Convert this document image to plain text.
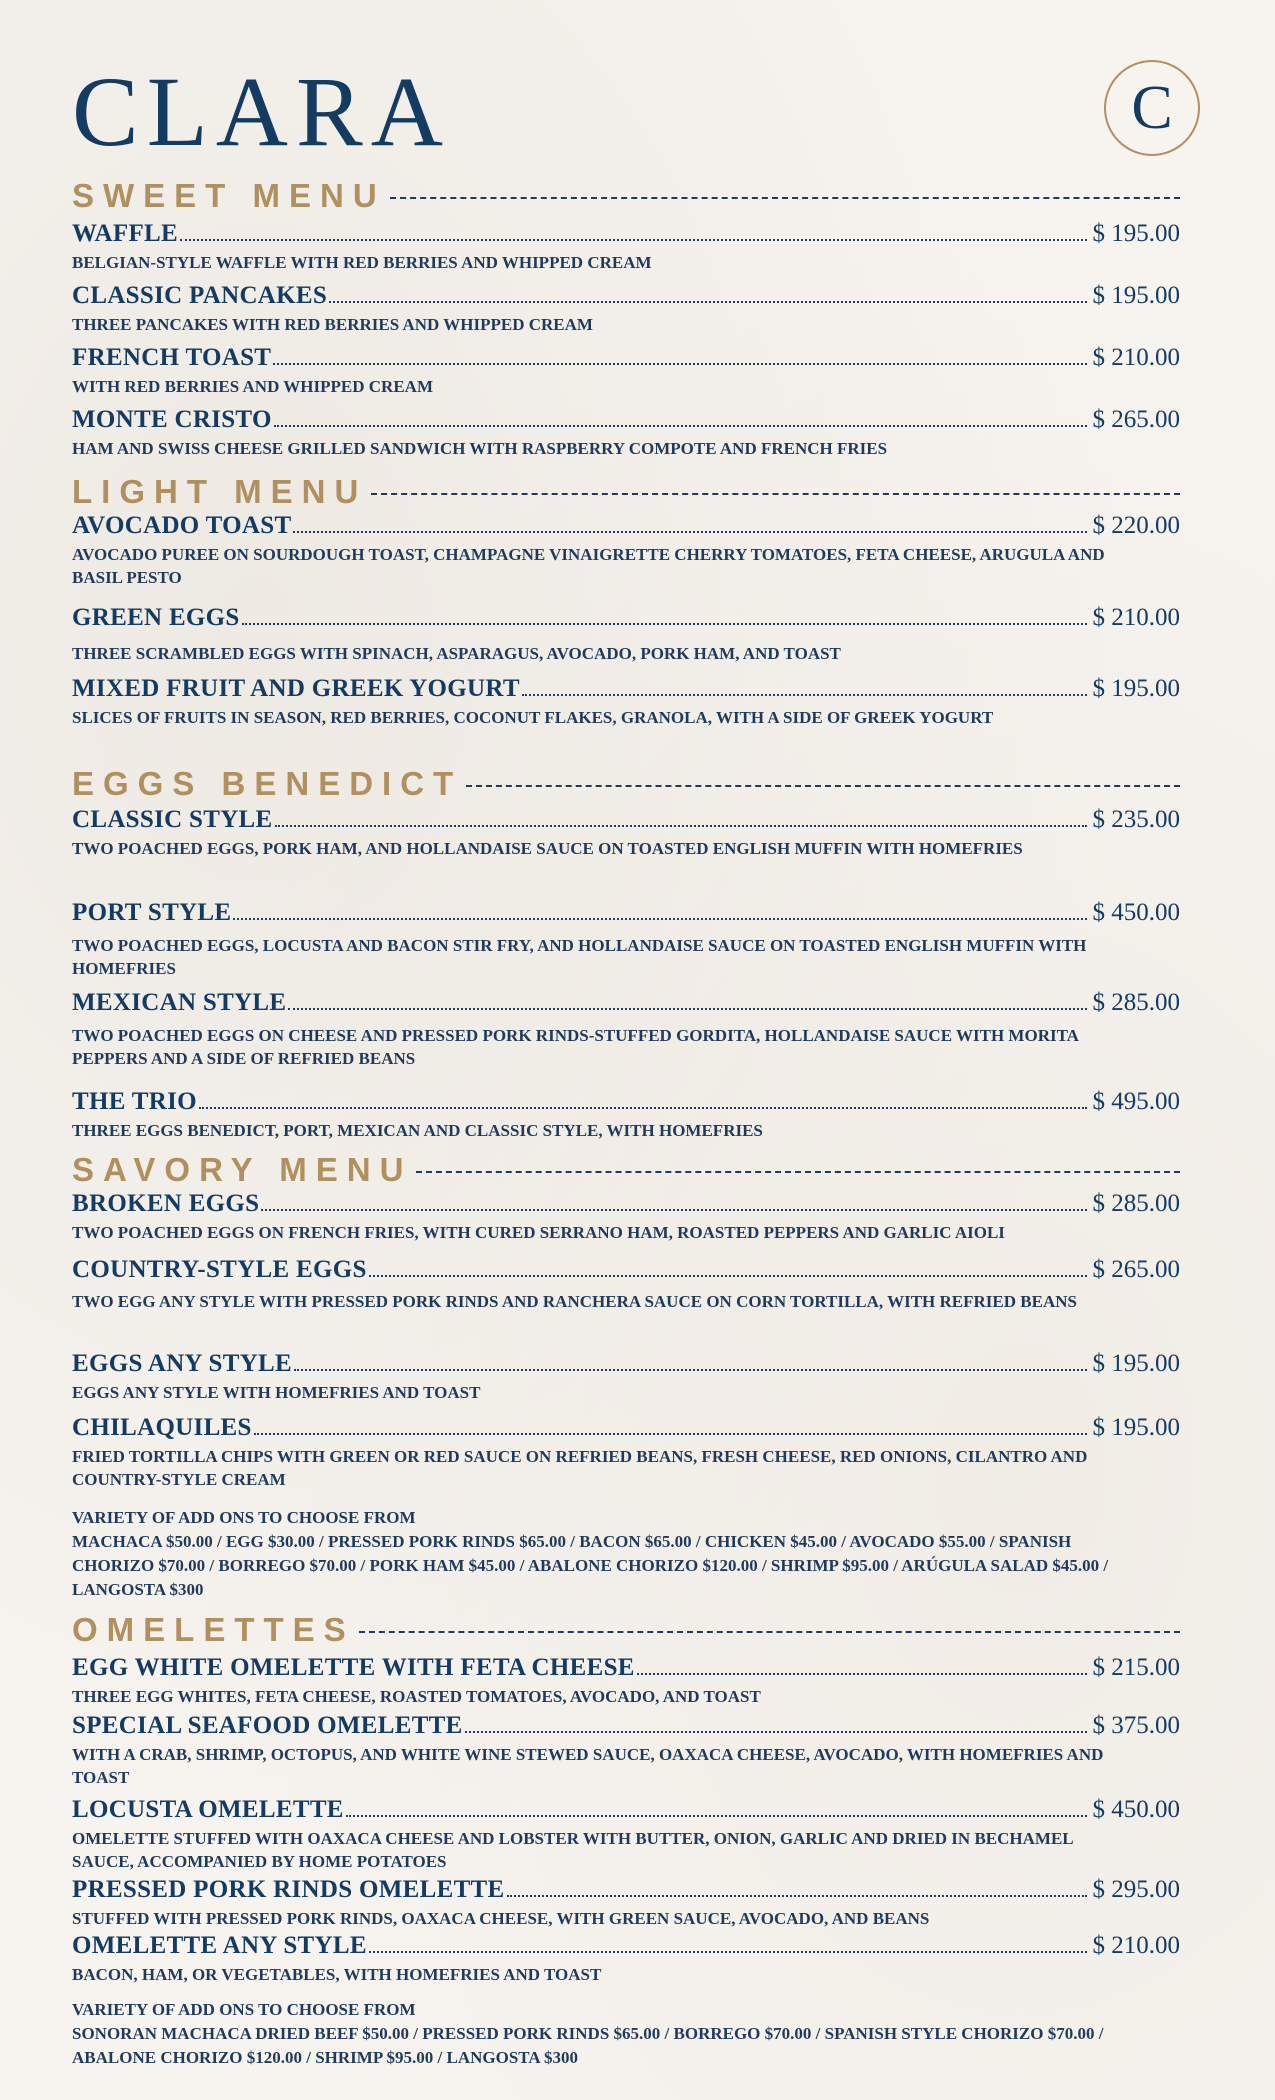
CLARA	C
SWEET MENU
WAFFLE	$ 195.00
BELGIAN-STYLE WAFFLE WITH RED BERRIES AND WHIPPED CREAM
CLASSIC PANCAKES	$ 195.00
THREE PANCAKES WITH RED BERRIES AND WHIPPED CREAM
FRENCH TOAST	$ 210.00
WITH RED BERRIES AND WHIPPED CREAM
MONTE CRISTO	$ 265.00
HAM AND SWISS CHEESE GRILLED SANDWICH WITH RASPBERRY COMPOTE AND FRENCH FRIES
LIGHT MENU
AVOCADO TOAST	$ 220.00
AVOCADO PUREE ON SOURDOUGH TOAST, CHAMPAGNE VINAIGRETTE CHERRY TOMATOES, FETA CHEESE, ARUGULA AND BASIL PESTO
GREEN EGGS	$ 210.00
THREE SCRAMBLED EGGS WITH SPINACH, ASPARAGUS, AVOCADO, PORK HAM, AND TOAST
MIXED FRUIT AND GREEK YOGURT	$ 195.00
SLICES OF FRUITS IN SEASON, RED BERRIES, COCONUT FLAKES, GRANOLA, WITH A SIDE OF GREEK YOGURT
EGGS BENEDICT
CLASSIC STYLE	$ 235.00
TWO POACHED EGGS, PORK HAM, AND HOLLANDAISE SAUCE ON TOASTED ENGLISH MUFFIN WITH HOMEFRIES
PORT STYLE	$ 450.00
TWO POACHED EGGS, LOCUSTA AND BACON STIR FRY, AND HOLLANDAISE SAUCE ON TOASTED ENGLISH MUFFIN WITH HOMEFRIES
MEXICAN STYLE	$ 285.00
TWO POACHED EGGS ON CHEESE AND PRESSED PORK RINDS-STUFFED GORDITA, HOLLANDAISE SAUCE WITH MORITA PEPPERS AND A SIDE OF REFRIED BEANS
THE TRIO	$ 495.00
THREE EGGS BENEDICT, PORT, MEXICAN AND CLASSIC STYLE, WITH HOMEFRIES
SAVORY MENU
BROKEN EGGS	$ 285.00
TWO POACHED EGGS ON FRENCH FRIES, WITH CURED SERRANO HAM, ROASTED PEPPERS AND GARLIC AIOLI
COUNTRY-STYLE EGGS	$ 265.00
TWO EGG ANY STYLE WITH PRESSED PORK RINDS AND RANCHERA SAUCE ON CORN TORTILLA, WITH REFRIED BEANS
EGGS ANY STYLE	$ 195.00
EGGS ANY STYLE WITH HOMEFRIES AND TOAST
CHILAQUILES	$ 195.00
FRIED TORTILLA CHIPS WITH GREEN OR RED SAUCE ON REFRIED BEANS, FRESH CHEESE, RED ONIONS, CILANTRO AND COUNTRY-STYLE CREAM
VARIETY OF ADD ONS TO CHOOSE FROM
MACHACA $50.00 / EGG $30.00 / PRESSED PORK RINDS $65.00 / BACON $65.00 / CHICKEN $45.00 / AVOCADO $55.00 / SPANISH CHORIZO $70.00 / BORREGO $70.00 / PORK HAM $45.00 / ABALONE CHORIZO $120.00 / SHRIMP $95.00 / ARÚGULA SALAD $45.00 / LANGOSTA $300
OMELETTES
EGG WHITE OMELETTE WITH FETA CHEESE	$ 215.00
THREE EGG WHITES, FETA CHEESE, ROASTED TOMATOES, AVOCADO, AND TOAST
SPECIAL SEAFOOD OMELETTE	$ 375.00
WITH A CRAB, SHRIMP, OCTOPUS, AND WHITE WINE STEWED SAUCE, OAXACA CHEESE, AVOCADO, WITH HOMEFRIES AND TOAST
LOCUSTA OMELETTE	$ 450.00
OMELETTE STUFFED WITH OAXACA CHEESE AND LOBSTER WITH BUTTER, ONION, GARLIC AND DRIED IN BECHAMEL SAUCE, ACCOMPANIED BY HOME POTATOES
PRESSED PORK RINDS OMELETTE	$ 295.00
STUFFED WITH PRESSED PORK RINDS, OAXACA CHEESE, WITH GREEN SAUCE, AVOCADO, AND BEANS
OMELETTE ANY STYLE	$ 210.00
BACON, HAM, OR VEGETABLES, WITH HOMEFRIES AND TOAST
VARIETY OF ADD ONS TO CHOOSE FROM
SONORAN MACHACA DRIED BEEF $50.00 / PRESSED PORK RINDS $65.00 / BORREGO $70.00 / SPANISH STYLE CHORIZO $70.00 / ABALONE CHORIZO $120.00 / SHRIMP $95.00 / LANGOSTA $300
